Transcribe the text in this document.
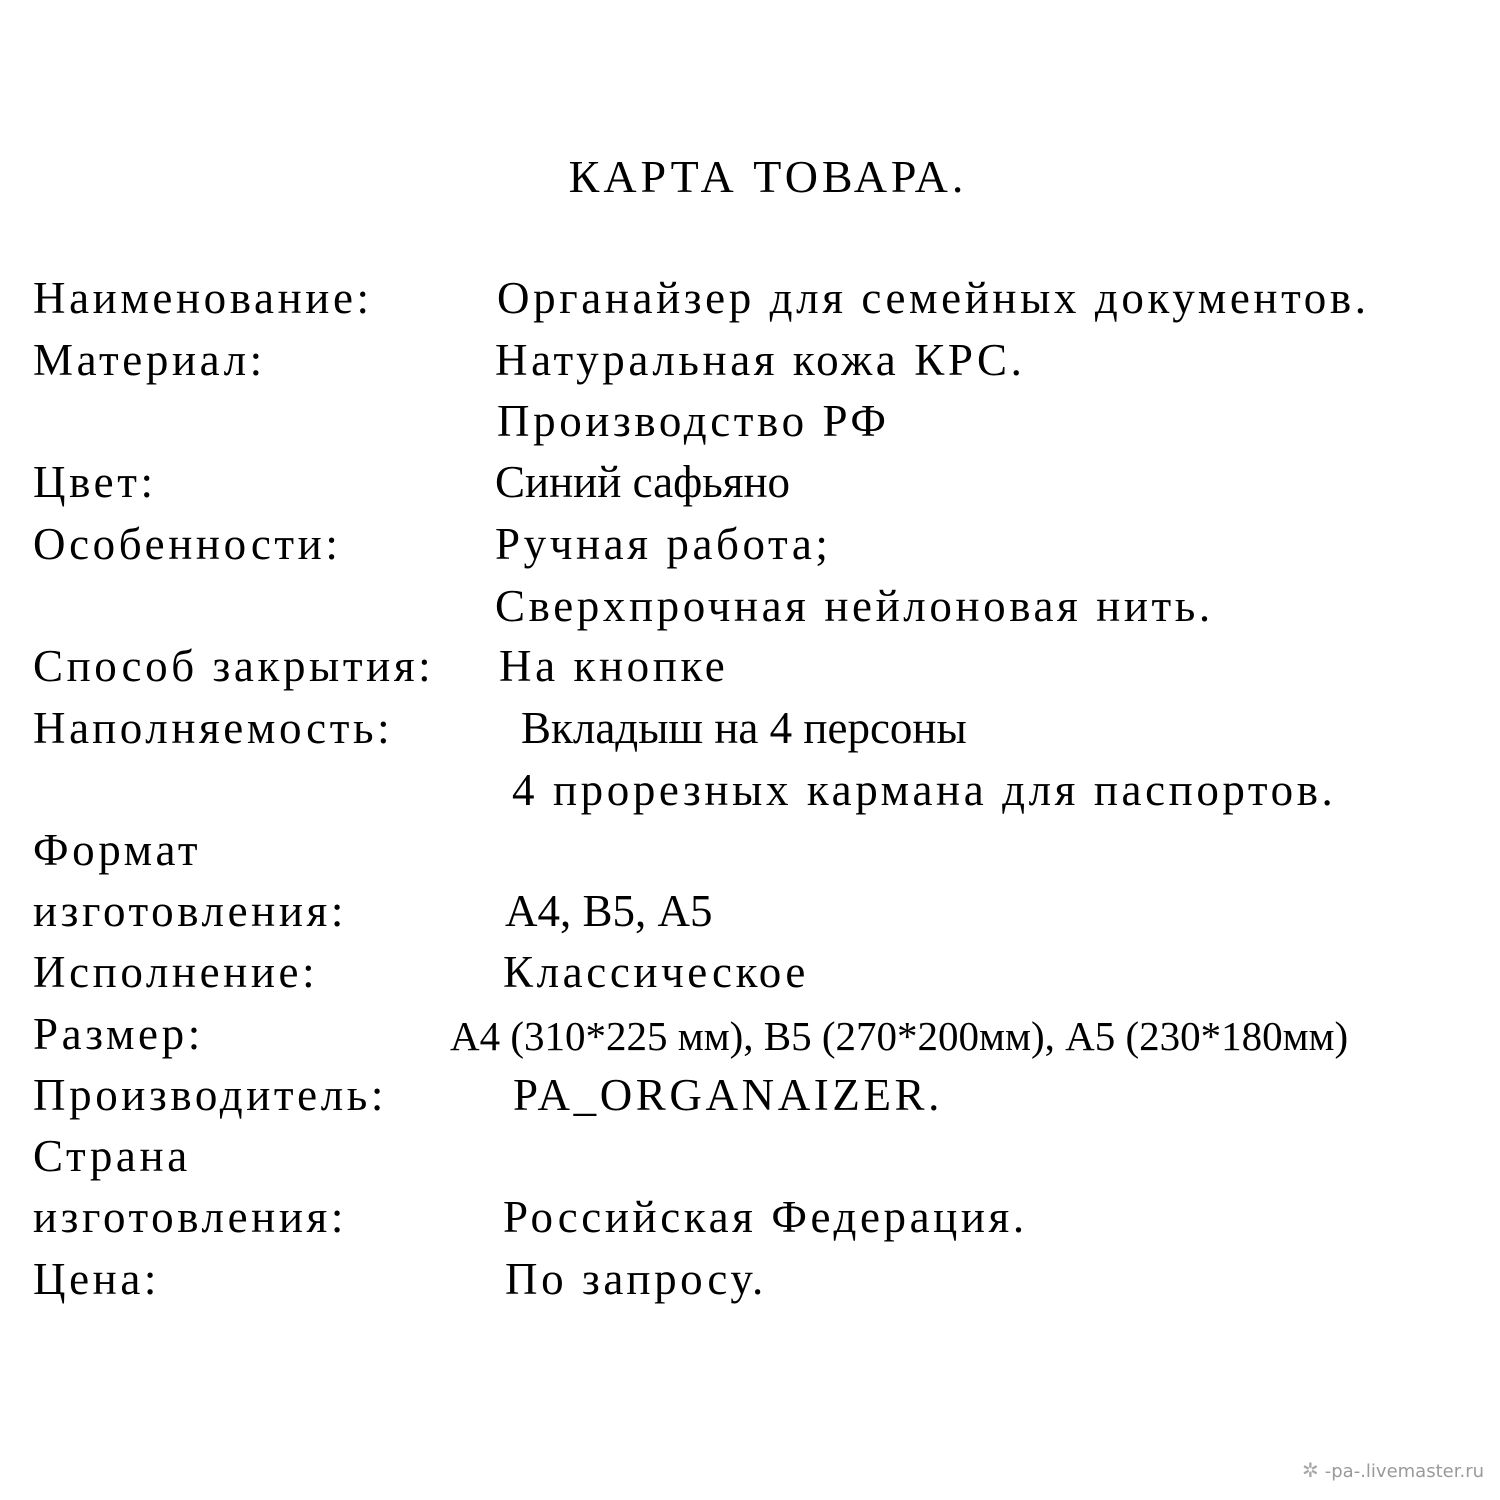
КАРТА ТОВАРА.
Наименование:	Органайзер для семейных документов.
Материал:	Натуральная кожа КРС.
Производство РФ
Цвет:	Синий сафьяно
Особенности:	Ручная работа;
Сверхпрочная нейлоновая нить.
Способ закрытия: На кнопке
Наполняемость:	Вкладыш на 4 персоны
4 прорезных кармана для паспортов.
Формат
изготовления:	А4, В5, А5
Исполнение:	Классическое
Размер:	А4 (310*225 мм), В5 (270*200мм), А5 (230*180мм)
Производитель:	PA_ORGANAIZER.
Страна
изготовления:	Российская Федерация.
Цена:	По запросу.
✲ -pa-.livemaster.ru
